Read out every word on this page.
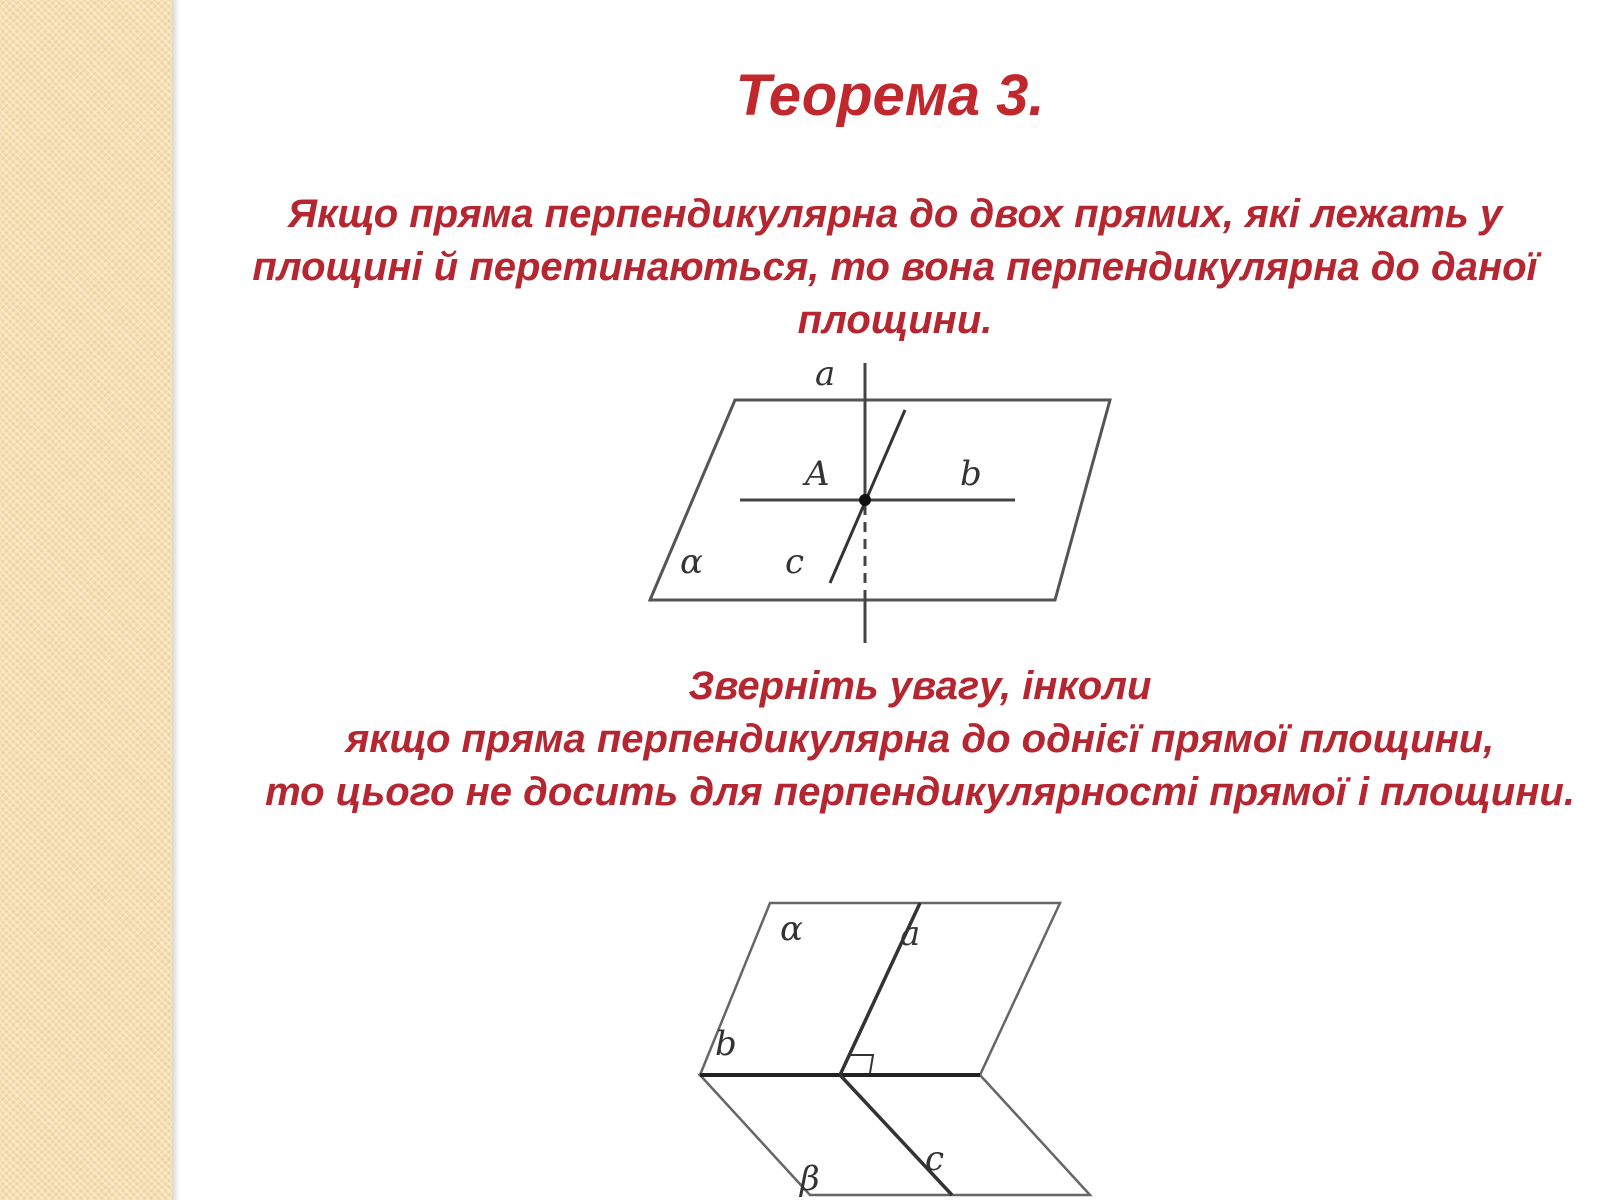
Теорема 3.

Якщо пряма перпендикулярна до двох прямих, які лежать у площині й перетинаються, то вона перпендикулярна до даної площини.

a
A	b
α c

Зверніть увагу, інколи
якщо пряма перпендикулярна до однієї прямої площини,
то цього не досить для перпендикулярності прямої і площини.

α	a
b
β	c
